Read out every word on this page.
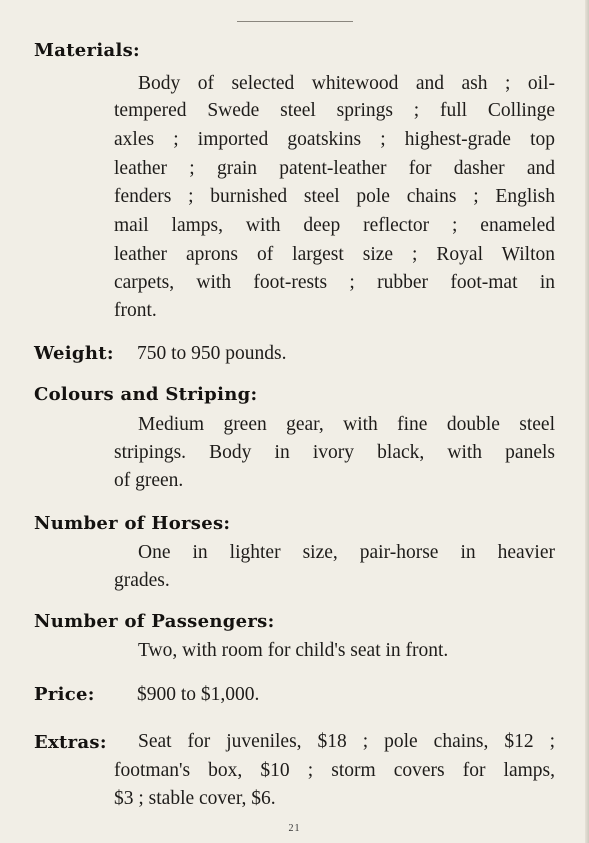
Materials:
Body of selected whitewood and ash ; oil-
tempered Swede steel springs ; full Collinge
axles ; imported goatskins ; highest-grade top
leather ; grain patent-leather for dasher and
fenders ; burnished steel pole chains ; English
mail lamps, with deep reflector ; enameled
leather aprons of largest size ; Royal Wilton
carpets, with foot-rests ; rubber foot-mat in
front.
Weight: 750 to 950 pounds.
Colours and Striping:
Medium green gear, with fine double steel
stripings. Body in ivory black, with panels
of green.
Number of Horses:
One in lighter size, pair-horse in heavier
grades.
Number of Passengers:
Two, with room for child's seat in front.
Price: $900 to $1,000.
Extras: Seat for juveniles, $18 ; pole chains, $12 ;
footman's box, $10 ; storm covers for lamps,
$3 ; stable cover, $6.
21
